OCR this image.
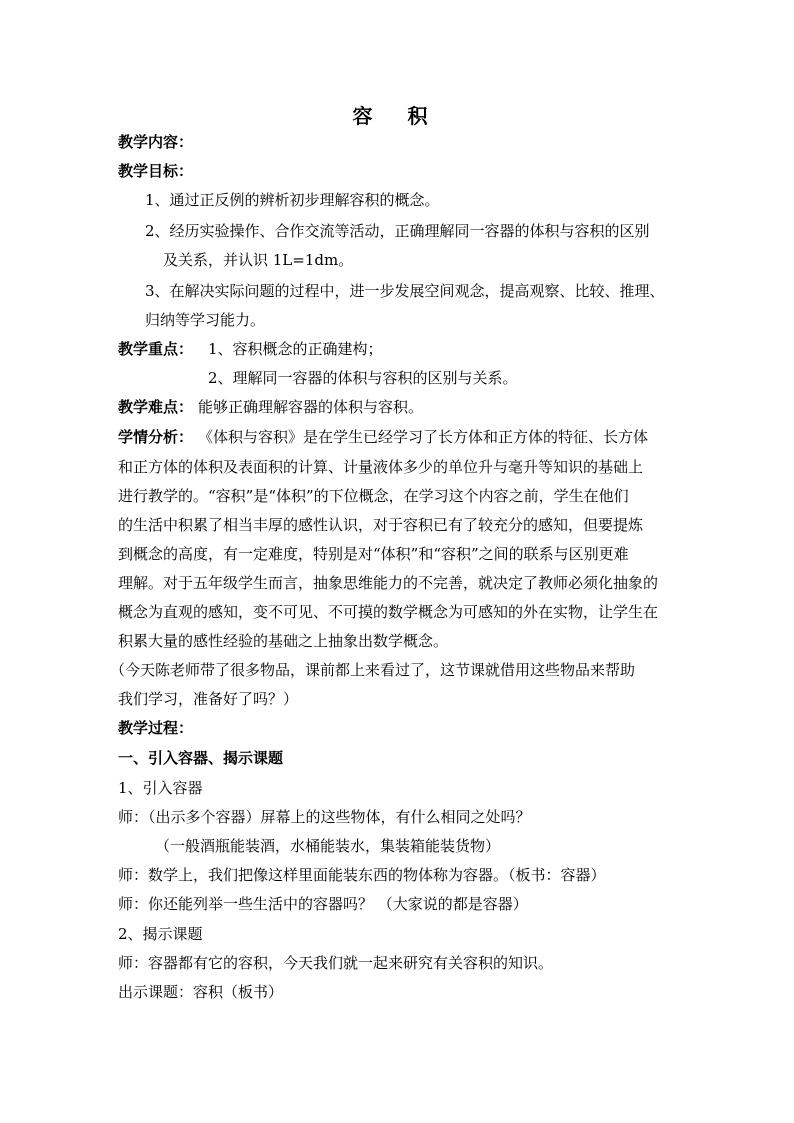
容 积
教学内容：
教学目标：
1、通过正反例的辨析初步理解容积的概念。
2、经历实验操作、合作交流等活动，正确理解同一容器的体积与容积的区别
及关系，并认识 1L=1dm。
3、在解决实际问题的过程中，进一步发展空间观念，提高观察、比较、推理、
归纳等学习能力。
教学重点： 1、容积概念的正确建构；
2、理解同一容器的体积与容积的区别与关系。
教学难点： 能够正确理解容器的体积与容积。
学情分析： 《体积与容积》是在学生已经学习了长方体和正方体的特征、长方体
和正方体的体积及表面积的计算、计量液体多少的单位升与毫升等知识的基础上
进行教学的。“容积”是“体积”的下位概念，在学习这个内容之前，学生在他们
的生活中积累了相当丰厚的感性认识，对于容积已有了较充分的感知，但要提炼
到概念的高度，有一定难度，特别是对“体积”和“容积”之间的联系与区别更难
理解。对于五年级学生而言，抽象思维能力的不完善，就决定了教师必须化抽象的
概念为直观的感知，变不可见、不可摸的数学概念为可感知的外在实物，让学生在
积累大量的感性经验的基础之上抽象出数学概念。
（今天陈老师带了很多物品，课前都上来看过了，这节课就借用这些物品来帮助
我们学习，准备好了吗？）
教学过程：
一、引入容器、揭示课题
1、引入容器
师：（出示多个容器）屏幕上的这些物体，有什么相同之处吗？
（一般酒瓶能装酒，水桶能装水，集装箱能装货物）
师：数学上，我们把像这样里面能装东西的物体称为容器。（板书：容器）
师：你还能列举一些生活中的容器吗？ （大家说的都是容器）
2、揭示课题
师：容器都有它的容积，今天我们就一起来研究有关容积的知识。
出示课题：容积（板书）
